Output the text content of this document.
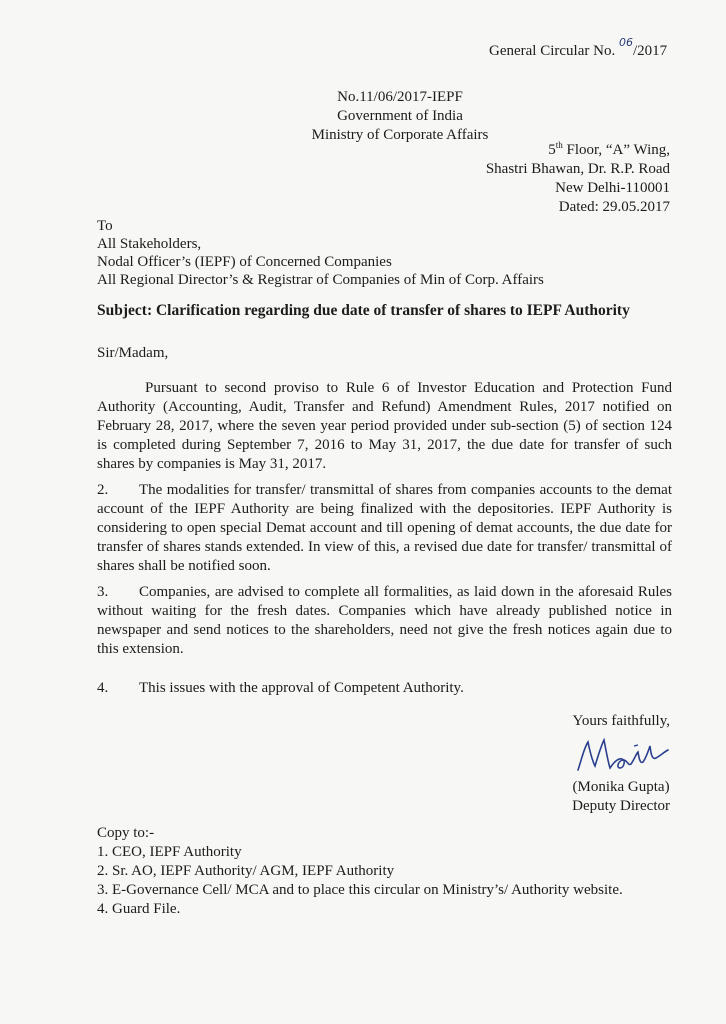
General Circular No. $^{06}$/2017
No.11/06/2017-IEPF
Government of India
Ministry of Corporate Affairs
5th Floor, “A” Wing,
Shastri Bhawan, Dr. R.P. Road
New Delhi-110001
Dated: 29.05.2017
To
All Stakeholders,
Nodal Officer’s (IEPF) of Concerned Companies
All Regional Director’s & Registrar of Companies of Min of Corp. Affairs
Subject: Clarification regarding due date of transfer of shares to IEPF Authority
Sir/Madam,
Pursuant to second proviso to Rule 6 of Investor Education and Protection Fund Authority (Accounting, Audit, Transfer and Refund) Amendment Rules, 2017 notified on February 28, 2017, where the seven year period provided under sub-section (5) of section 124 is completed during September 7, 2016 to May 31, 2017, the due date for transfer of such shares by companies is May 31, 2017.
2. The modalities for transfer/ transmittal of shares from companies accounts to the demat account of the IEPF Authority are being finalized with the depositories. IEPF Authority is considering to open special Demat account and till opening of demat accounts, the due date for transfer of shares stands extended. In view of this, a revised due date for transfer/ transmittal of shares shall be notified soon.
3. Companies, are advised to complete all formalities, as laid down in the aforesaid Rules without waiting for the fresh dates. Companies which have already published notice in newspaper and send notices to the shareholders, need not give the fresh notices again due to this extension.
4. This issues with the approval of Competent Authority.
Yours faithfully,
(Monika Gupta)
Deputy Director
Copy to:-
1. CEO, IEPF Authority
2. Sr. AO, IEPF Authority/ AGM, IEPF Authority
3. E-Governance Cell/ MCA and to place this circular on Ministry’s/ Authority website.
4. Guard File.
